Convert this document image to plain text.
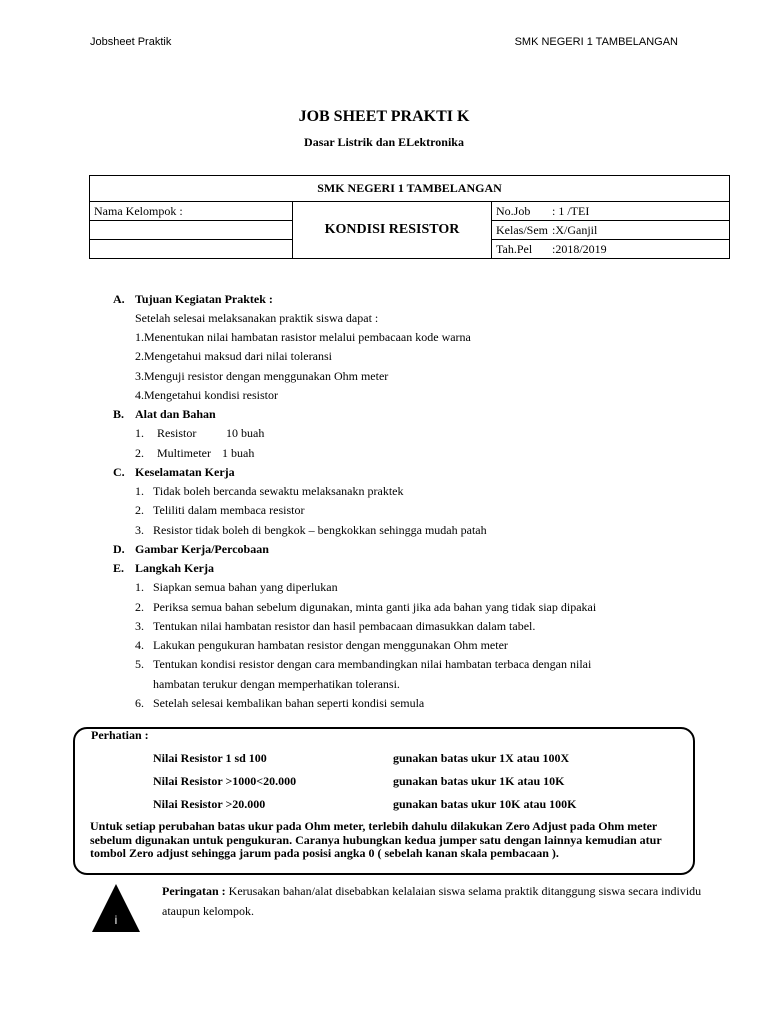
Jobsheet Praktik	SMK NEGERI 1 TAMBELANGAN
JOB SHEET PRAKTI K
Dasar Listrik dan ELektronika
SMK NEGERI 1 TAMBELANGAN		
Nama Kelompok :	KONDISI RESISTOR	No.Job : 1 /TEI
		Kelas/Sem :X/Ganjil
		Tah.Pel :2018/2019
A. Tujuan Kegiatan Praktek :
Setelah selesai melaksanakan praktik siswa dapat :
1.Menentukan nilai hambatan rasistor melalui pembacaan kode warna
2.Mengetahui maksud dari nilai toleransi
3.Menguji resistor dengan menggunakan Ohm meter
4.Mengetahui kondisi resistor
B. Alat dan Bahan
1. Resistor 10 buah
2. Multimeter 1 buah
C. Keselamatan Kerja
1. Tidak boleh bercanda sewaktu melaksanakn praktek
2. Teliliti dalam membaca resistor
3. Resistor tidak boleh di bengkok – bengkokkan sehingga mudah patah
D. Gambar Kerja/Percobaan
E. Langkah Kerja
1. Siapkan semua bahan yang diperlukan
2. Periksa semua bahan sebelum digunakan, minta ganti jika ada bahan yang tidak siap dipakai
3. Tentukan nilai hambatan resistor dan hasil pembacaan dimasukkan dalam tabel.
4. Lakukan pengukuran hambatan resistor dengan menggunakan Ohm meter
5. Tentukan kondisi resistor dengan cara membandingkan nilai hambatan terbaca dengan nilai
hambatan terukur dengan memperhatikan toleransi.
6. Setelah selesai kembalikan bahan seperti kondisi semula
Perhatian :
Nilai Resistor 1 sd 100	gunakan batas ukur 1X atau 100X
Nilai Resistor >1000<20.000	gunakan batas ukur 1K atau 10K
Nilai Resistor >20.000	gunakan batas ukur 10K atau 100K
Untuk setiap perubahan batas ukur pada Ohm meter, terlebih dahulu dilakukan Zero Adjust pada Ohm meter sebelum digunakan untuk pengukuran. Caranya hubungkan kedua jumper satu dengan lainnya kemudian atur tombol Zero adjust sehingga jarum pada posisi angka 0 ( sebelah kanan skala pembacaan ).
i
Peringatan : Kerusakan bahan/alat disebabkan kelalaian siswa selama praktik ditanggung siswa secara individu ataupun kelompok.
